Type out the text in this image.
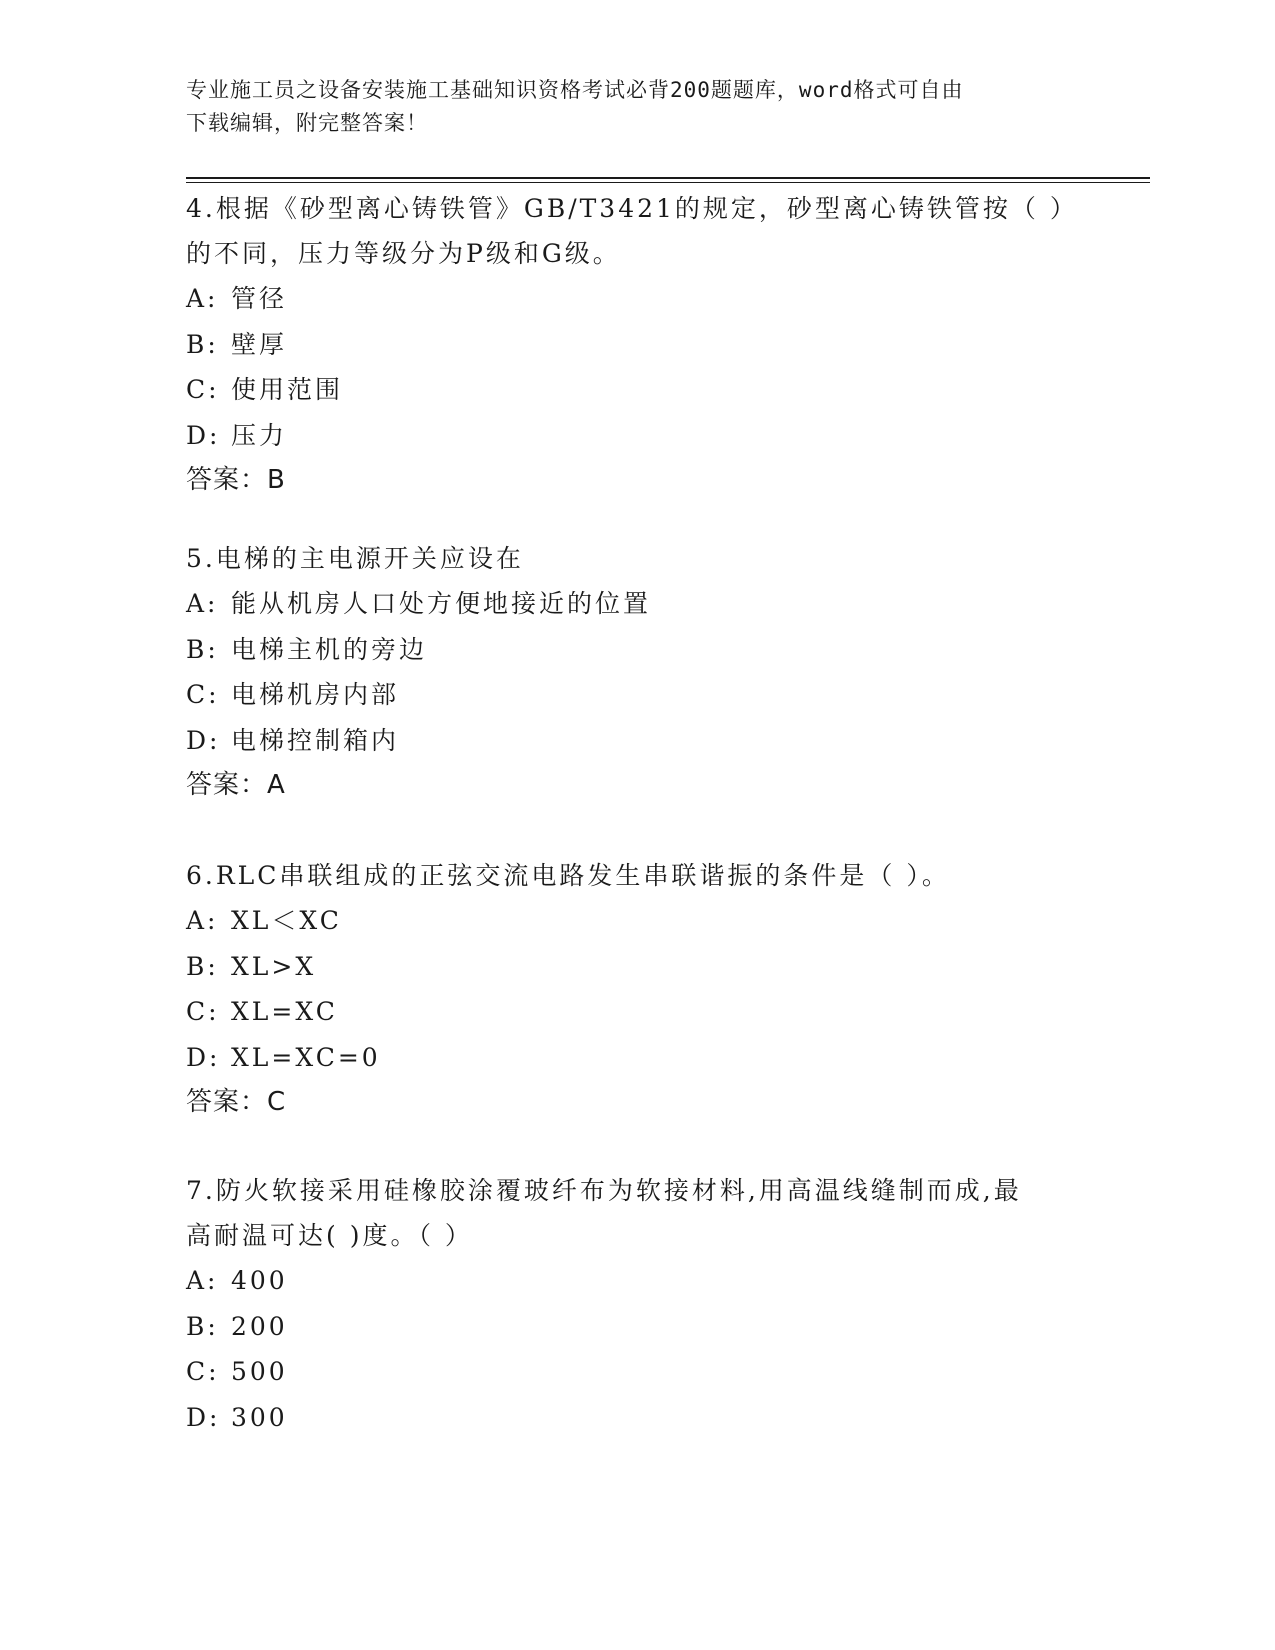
专业施工员之设备安装施工基础知识资格考试必背200题题库，word格式可自由
下载编辑，附完整答案！

4.根据《砂型离心铸铁管》GB/T3421的规定，砂型离心铸铁管按（ ）

的不同，压力等级分为P级和G级。

A: 管径

B: 壁厚

C: 使用范围

D: 压力

答案：B

5.电梯的主电源开关应设在

A: 能从机房人口处方便地接近的位置

B: 电梯主机的旁边

C: 电梯机房内部

D: 电梯控制箱内

答案：A

6.RLC串联组成的正弦交流电路发生串联谐振的条件是（ ）。

A: XL＜XC

B: XL>X

C: XL=XC

D: XL=XC=0

答案：C

7.防火软接采用硅橡胶涂覆玻纤布为软接材料,用高温线缝制而成,最

高耐温可达( )度。（ ）

A: 400

B: 200

C: 500

D: 300
